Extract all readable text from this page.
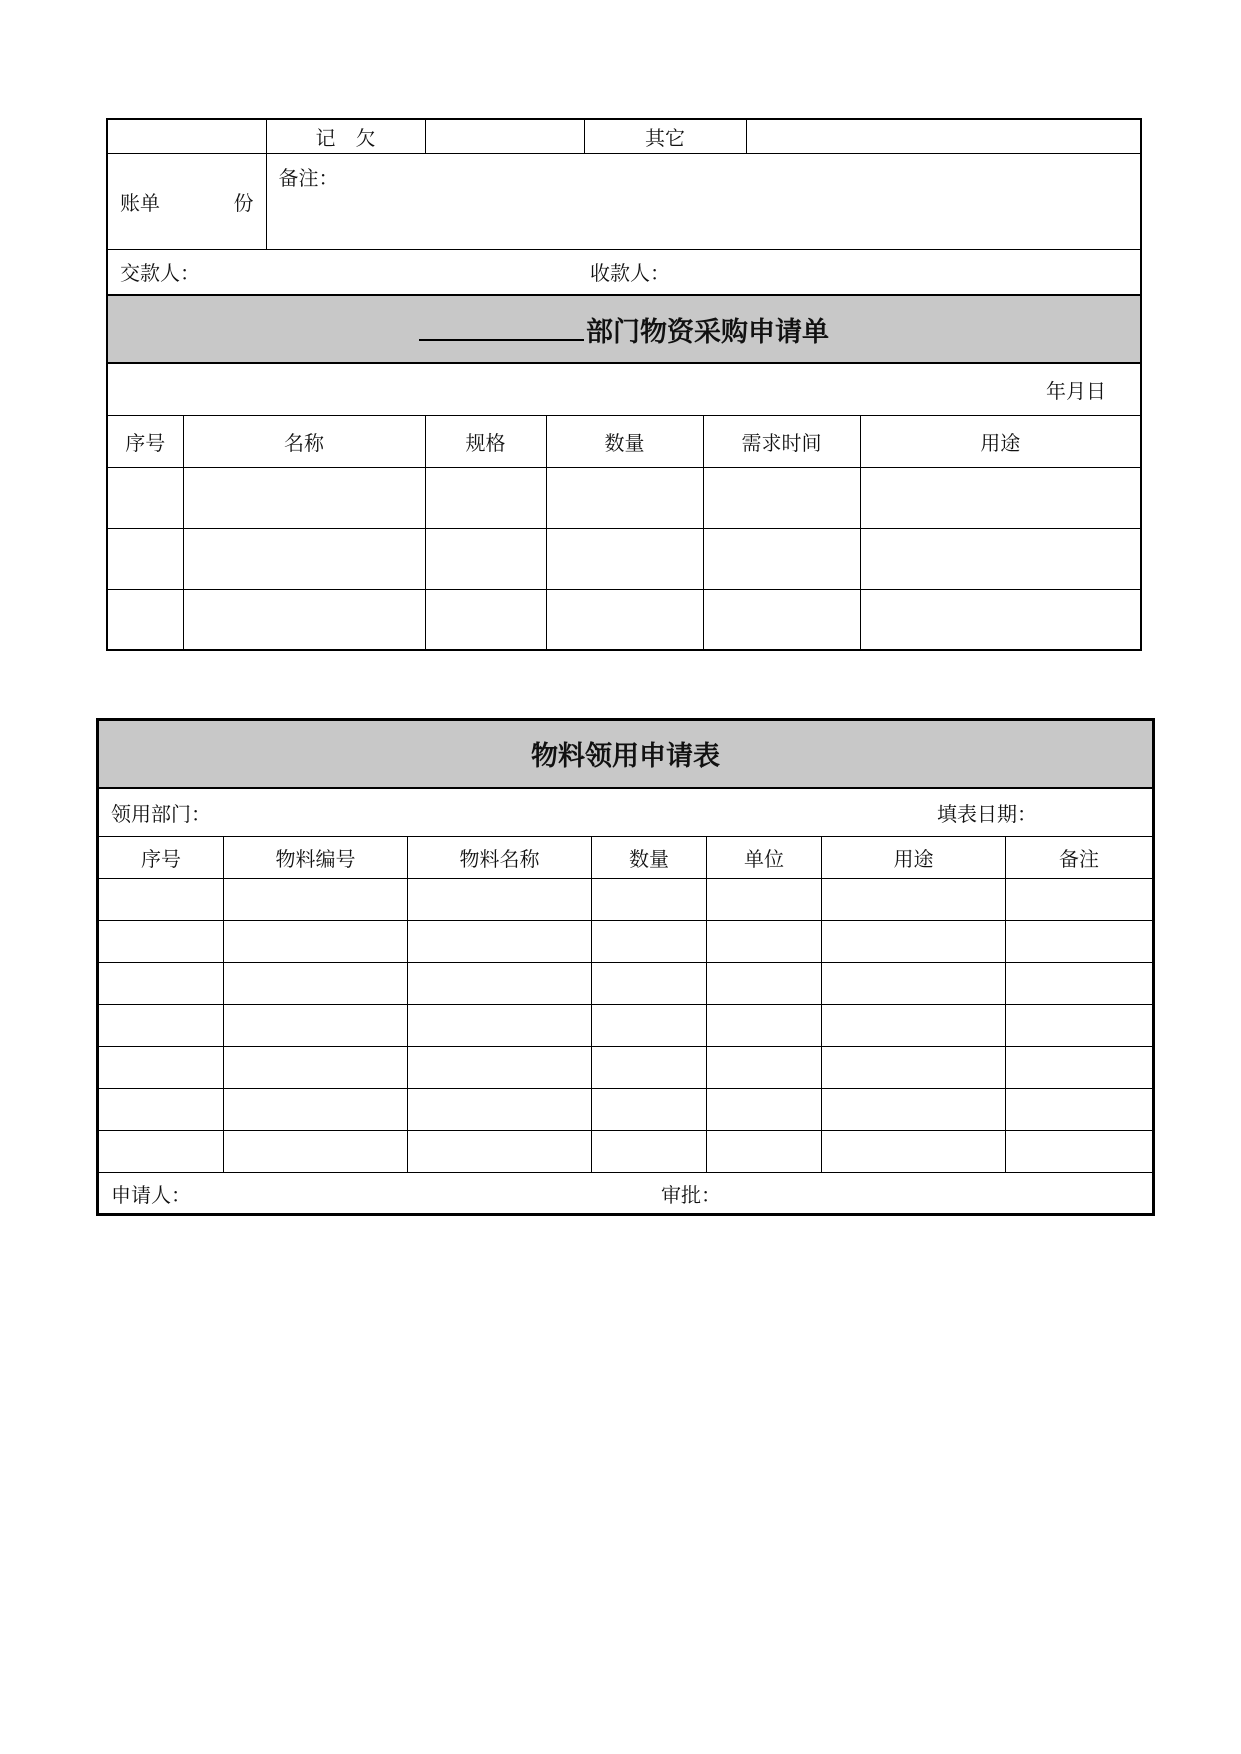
		记　欠			其它			

账单 份		备注：						

交款人： 收款人：								

部门物资采购申请单								
年月日								
序号	名称		规格	数量		需求时间		用途

物料领用申请表						

领用部门： 填表日期：						

序号	物料编号	物料名称	数量	单位	用途	备注

申请人： 审批：						
